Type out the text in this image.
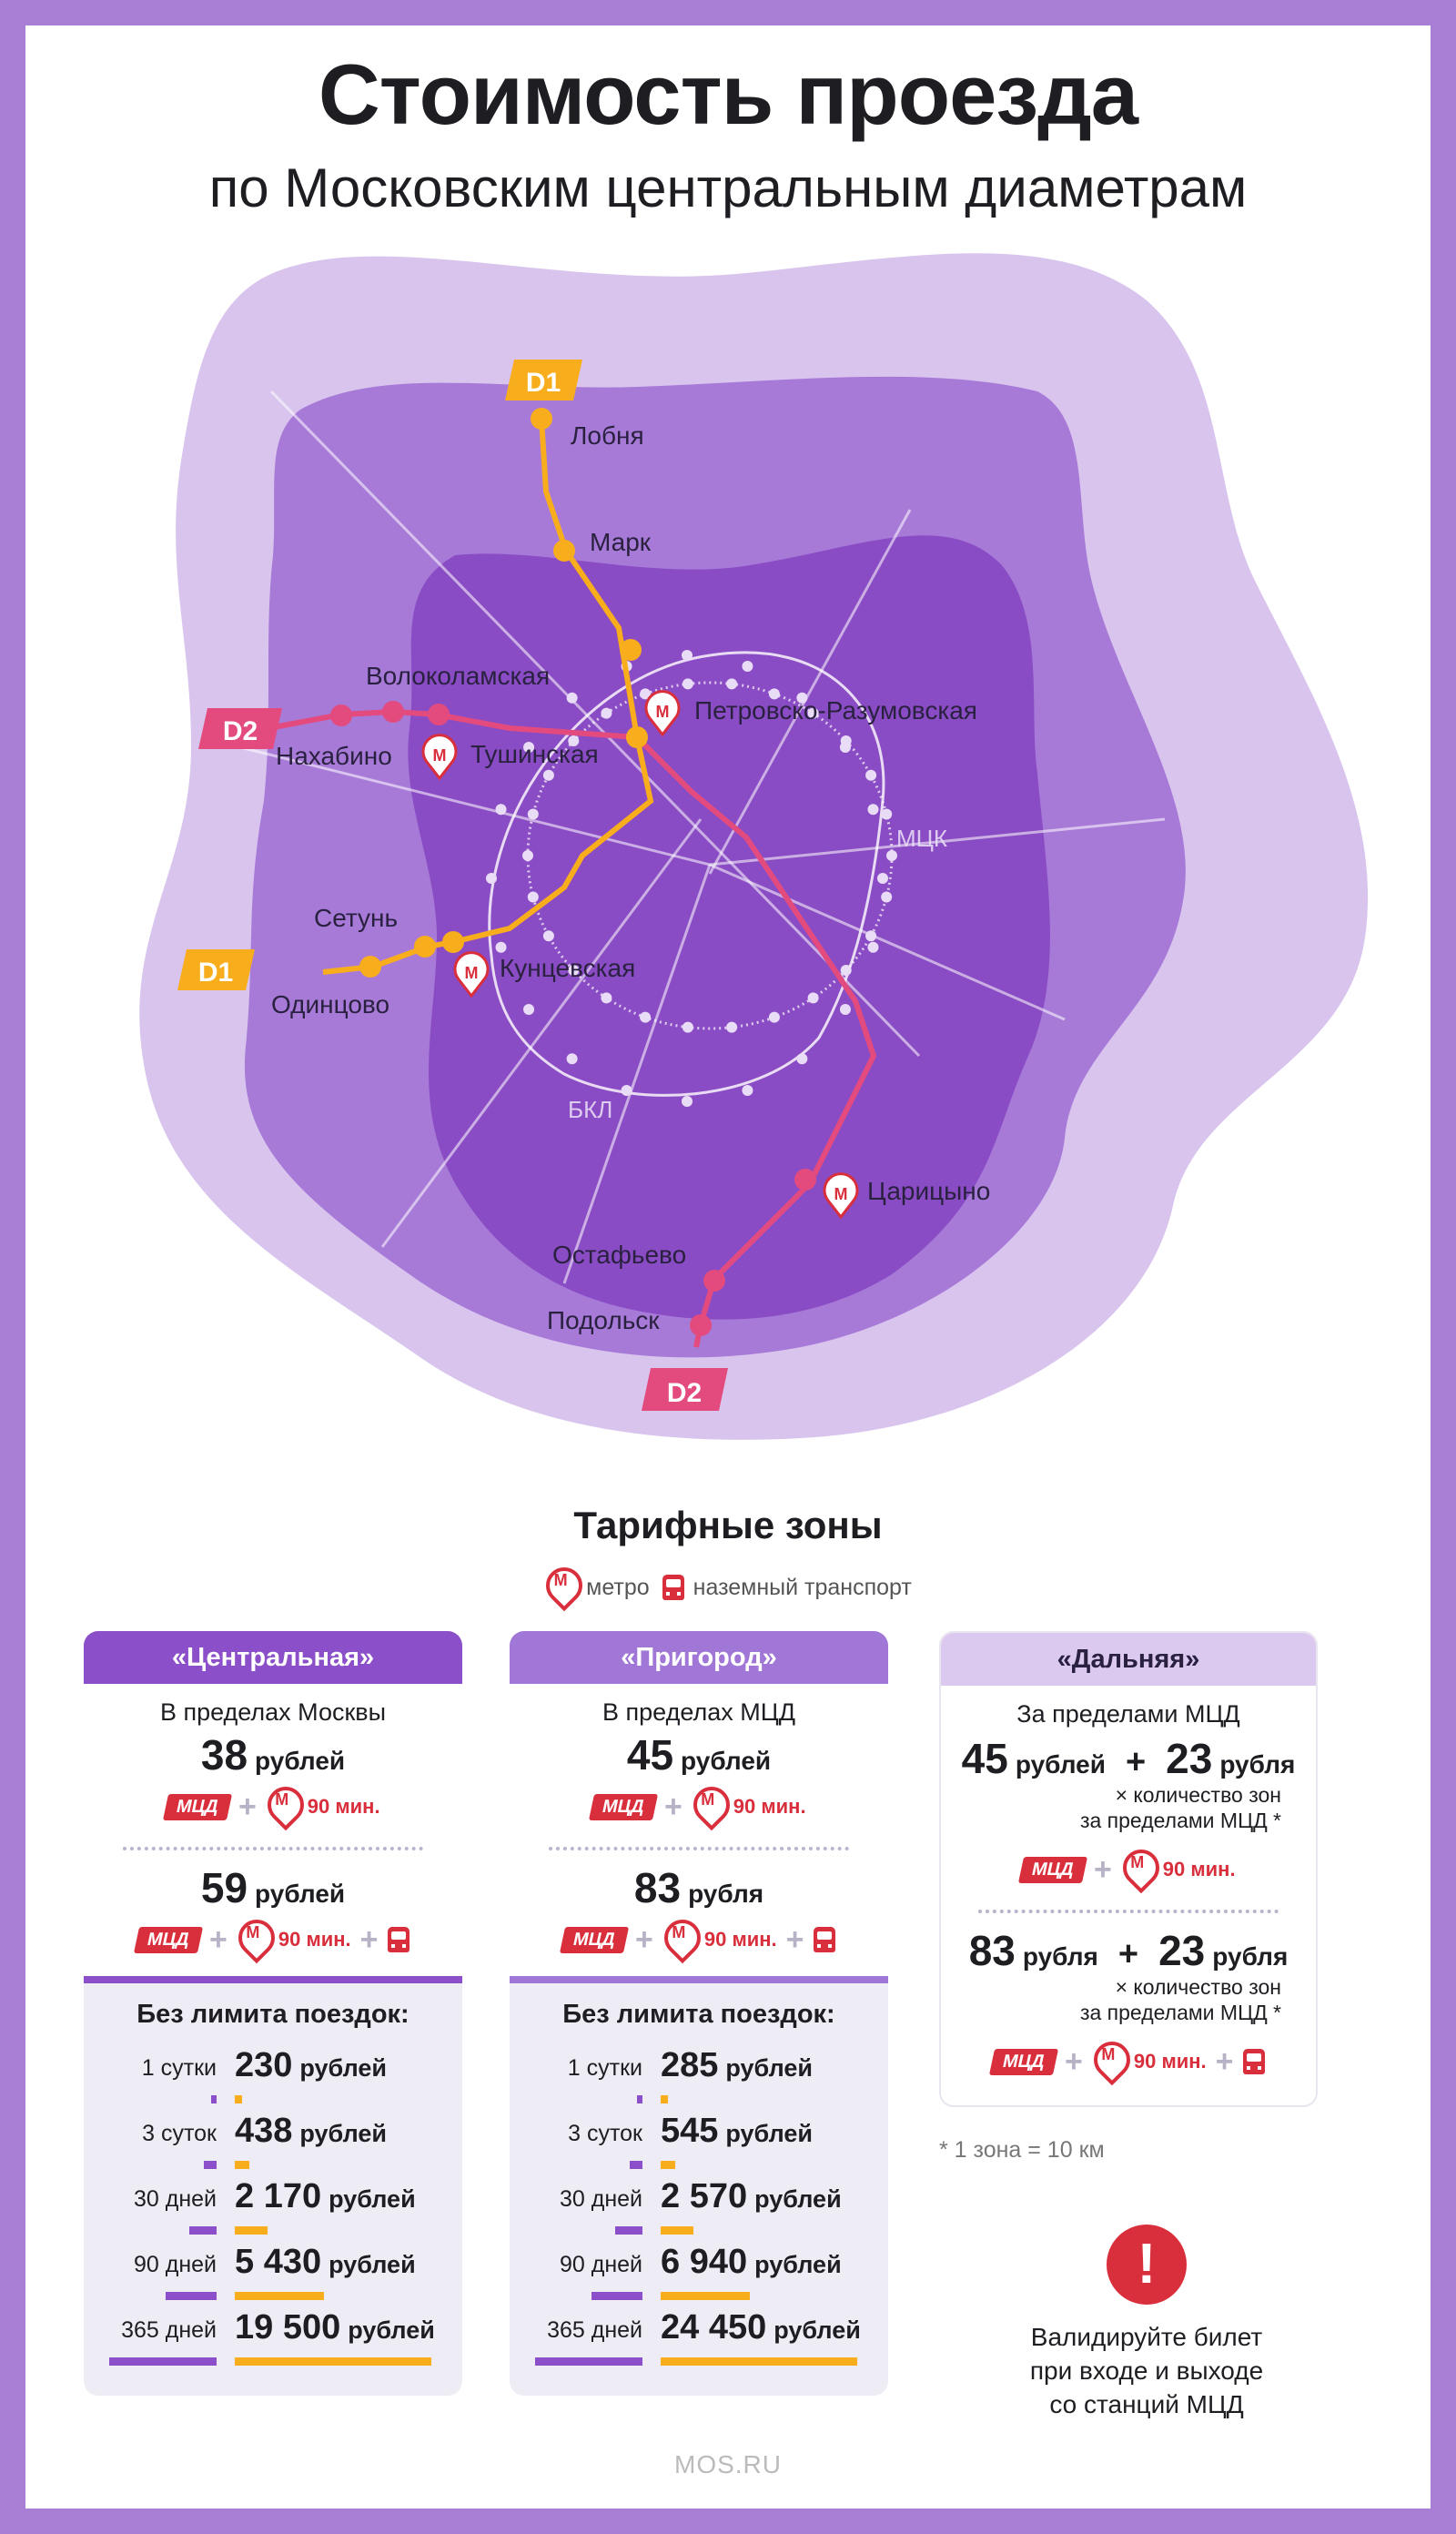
Стоимость проезда
по Московским центральным диаметрам
D1
D1
D2
D2
М
М
М
М
Лобня
Марк
Волоколамская
Петровско-Разумовская
Нахабино	Тушинская
Сетунь
Одинцово
Кунцевская
Царицыно
Остафьево
Подольск
МЦК
БКЛ
Тарифные зоны
М
метро наземный транспорт
«Центральная»
В пределах Москвы
38 рублей
МЦД + М	90 мин.
59 рублей
МЦД + М	90 мин. +
Без лимита поездок:
1 сутки 230 рублей
3 суток 438 рублей
30 дней 2 170 рублей
90 дней 5 430 рублей
365 дней 19 500 рублей
«Пригород»
В пределах МЦД
45 рублей
МЦД + М	90 мин.
83 рубля
МЦД + М	90 мин. +
Без лимита поездок:
1 сутки 285 рублей
3 суток 545 рублей
30 дней 2 570 рублей
90 дней 6 940 рублей
365 дней 24 450 рублей
«Дальняя»
За пределами МЦД
45 рублей + 23 рубля
× количество зон
за пределами МЦД *
МЦД + М	90 мин.
83 рубля + 23 рубля
× количество зон
за пределами МЦД *
МЦД + М	90 мин. +
* 1 зона = 10 км
!
Валидируйте билет
при входе и выходе
со станций МЦД
MOS.RU
